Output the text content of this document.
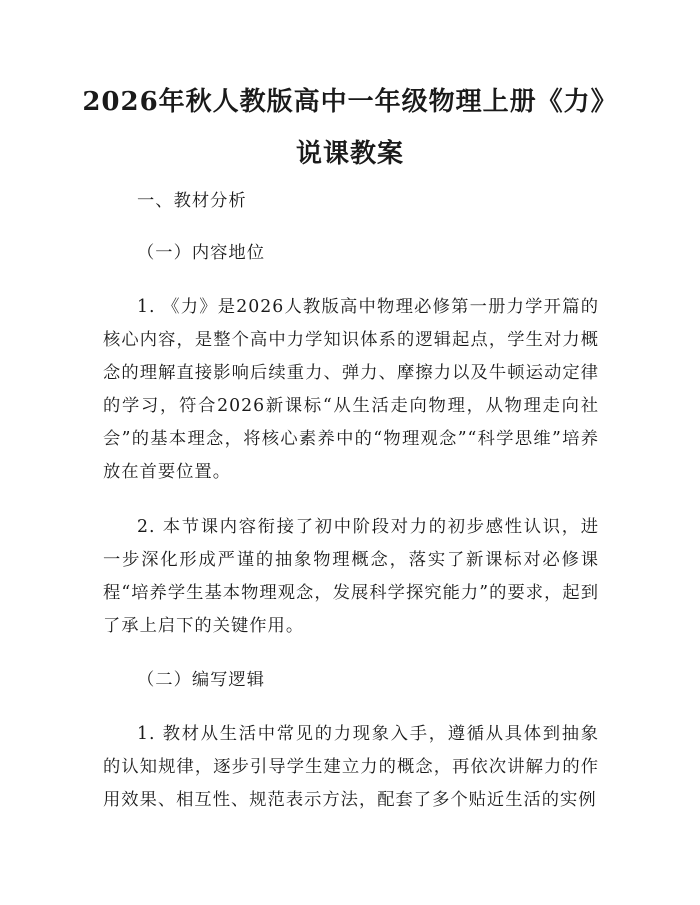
2026年秋人教版高中一年级物理上册《力》

说课教案

一、教材分析

（一）内容地位

1. 《力》是2026人教版高中物理必修第一册力学开篇的核心内容，是整个高中力学知识体系的逻辑起点，学生对力概念的理解直接影响后续重力、弹力、摩擦力以及牛顿运动定律的学习，符合2026新课标“从生活走向物理，从物理走向社会”的基本理念，将核心素养中的“物理观念”“科学思维”培养放在首要位置。

2. 本节课内容衔接了初中阶段对力的初步感性认识，进一步深化形成严谨的抽象物理概念，落实了新课标对必修课程“培养学生基本物理观念，发展科学探究能力”的要求，起到了承上启下的关键作用。

（二）编写逻辑

1. 教材从生活中常见的力现象入手，遵循从具体到抽象的认知规律，逐步引导学生建立力的概念，再依次讲解力的作用效果、相互性、规范表示方法，配套了多个贴近生活的实例
